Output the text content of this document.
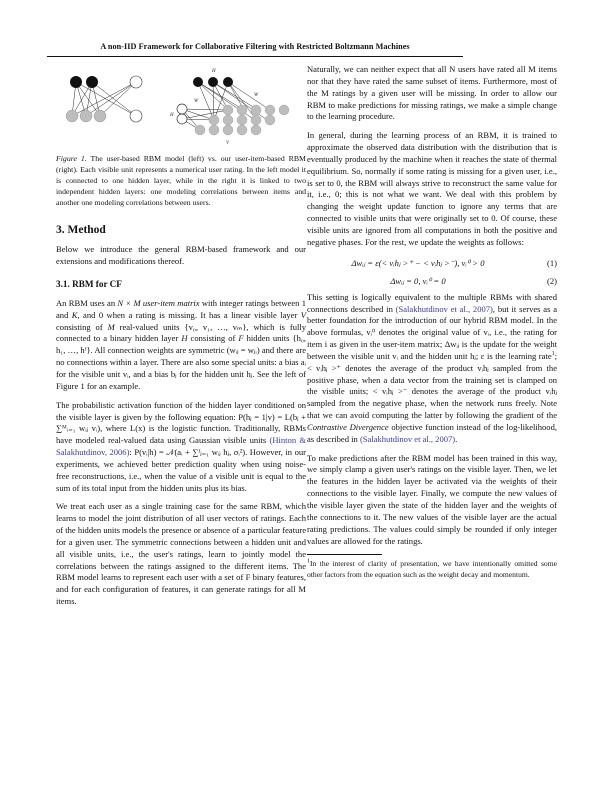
A non-IID Framework for Collaborative Filtering with Restricted Boltzmann Machines
H
H
W
W
V
Figure 1. The user-based RBM model (left) vs. our user-item-based RBM (right). Each visible unit represents a numerical user rating. In the left model it is connected to one hidden layer, while in the right it is linked to two independent hidden layers: one modeling correlations between items and another one modeling correlations between users.
3. Method

Below we introduce the general RBM-based framework and our extensions and modifications thereof.

3.1. RBM for CF

An RBM uses an N × M user-item matrix with integer ratings between 1 and K, and 0 when a rating is missing. It has a linear visible layer V consisting of M real-valued units {v₀, v₁, …, vₘ}, which is fully connected to a binary hidden layer H consisting of F hidden units {h₀, h₁, …, hᶠ}. All connection weights are symmetric (wᵢⱼ = wⱼᵢ) and there are no connections within a layer. There are also some special units: a bias aᵢ for the visible unit vᵢ, and a bias bⱼ for the hidden unit hⱼ. See the left of Figure 1 for an example.

The probabilistic activation function of the hidden layer conditioned on the visible layer is given by the following equation: P(hⱼ = 1|v) = L(bⱼ + ∑ᴹᵢ₌₁ wᵢⱼ vᵢ), where L(x) is the logistic function. Traditionally, RBMs have modeled real-valued data using Gaussian visible units (Hinton & Salakhutdinov, 2006): P(vᵢ|h) = 𝒩(aᵢ + ∑ᶠⱼ₌₁ wᵢⱼ hⱼ, σᵢ²). However, in our experiments, we achieved better prediction quality when using noise-free reconstructions, i.e., when the value of a visible unit is equal to the sum of its total input from the hidden units plus its bias.

We treat each user as a single training case for the same RBM, which learns to model the joint distribution of all user vectors of ratings. Each of the hidden units models the presence or absence of a particular feature for a given user. The symmetric connections between a hidden unit and all visible units, i.e., the user's ratings, learn to jointly model the correlations between the ratings assigned to the different items. The RBM model learns to represent each user with a set of F binary features, and for each configuration of features, it can generate ratings for all M items.

Naturally, we can neither expect that all N users have rated all M items nor that they have rated the same subset of items. Furthermore, most of the M ratings by a given user will be missing. In order to allow our RBM to make predictions for missing ratings, we make a simple change to the learning procedure.

In general, during the learning process of an RBM, it is trained to approximate the observed data distribution with the distribution that is eventually produced by the machine when it reaches the state of thermal equilibrium. So, normally if some rating is missing for a given user, i.e., is set to 0, the RBM will always strive to reconstruct the same value for it, i.e., 0; this is not what we want. We deal with this problem by changing the weight update function to ignore any terms that are connected to visible units that were originally set to 0. Of course, these visible units are ignored from all computations in both the positive and negative phases. For the rest, we update the weights as follows:

Δwᵢⱼ = ε(< vᵢhⱼ >⁺ − < vᵢhⱼ >⁻), vᵢ⁰ > 0	(1)
Δwᵢⱼ = 0, vᵢ⁰ = 0	(2)

This setting is logically equivalent to the multiple RBMs with shared connections described in (Salakhutdinov et al., 2007), but it serves as a better foundation for the introduction of our hybrid RBM model. In the above formulas, vᵢ⁰ denotes the original value of vᵢ, i.e., the rating for item i as given in the user-item matrix; Δwᵢⱼ is the update for the weight between the visible unit vᵢ and the hidden unit hⱼ; ε is the learning rate$^1$; < vᵢhⱼ >⁺ denotes the average of the product vᵢhⱼ sampled from the positive phase, when a data vector from the training set is clamped on the visible units; < vᵢhⱼ >⁻ denotes the average of the product vᵢhⱼ sampled from the negative phase, when the network runs freely. Note that we can avoid computing the latter by following the gradient of the Contrastive Divergence objective function instead of the log-likelihood, as described in (Salakhutdinov et al., 2007).

To make predictions after the RBM model has been trained in this way, we simply clamp a given user's ratings on the visible layer. Then, we let the features in the hidden layer be activated via the weights of their connections to the visible layer. Finally, we compute the new values of the visible layer given the state of the hidden layer and the weights of the connections to it. The new values of the visible layer are the actual rating predictions. The values could simply be rounded if only integer values are allowed for the ratings.

$^1$In the interest of clarity of presentation, we have intentionally omitted some other factors from the equation such as the weight decay and momentum.
